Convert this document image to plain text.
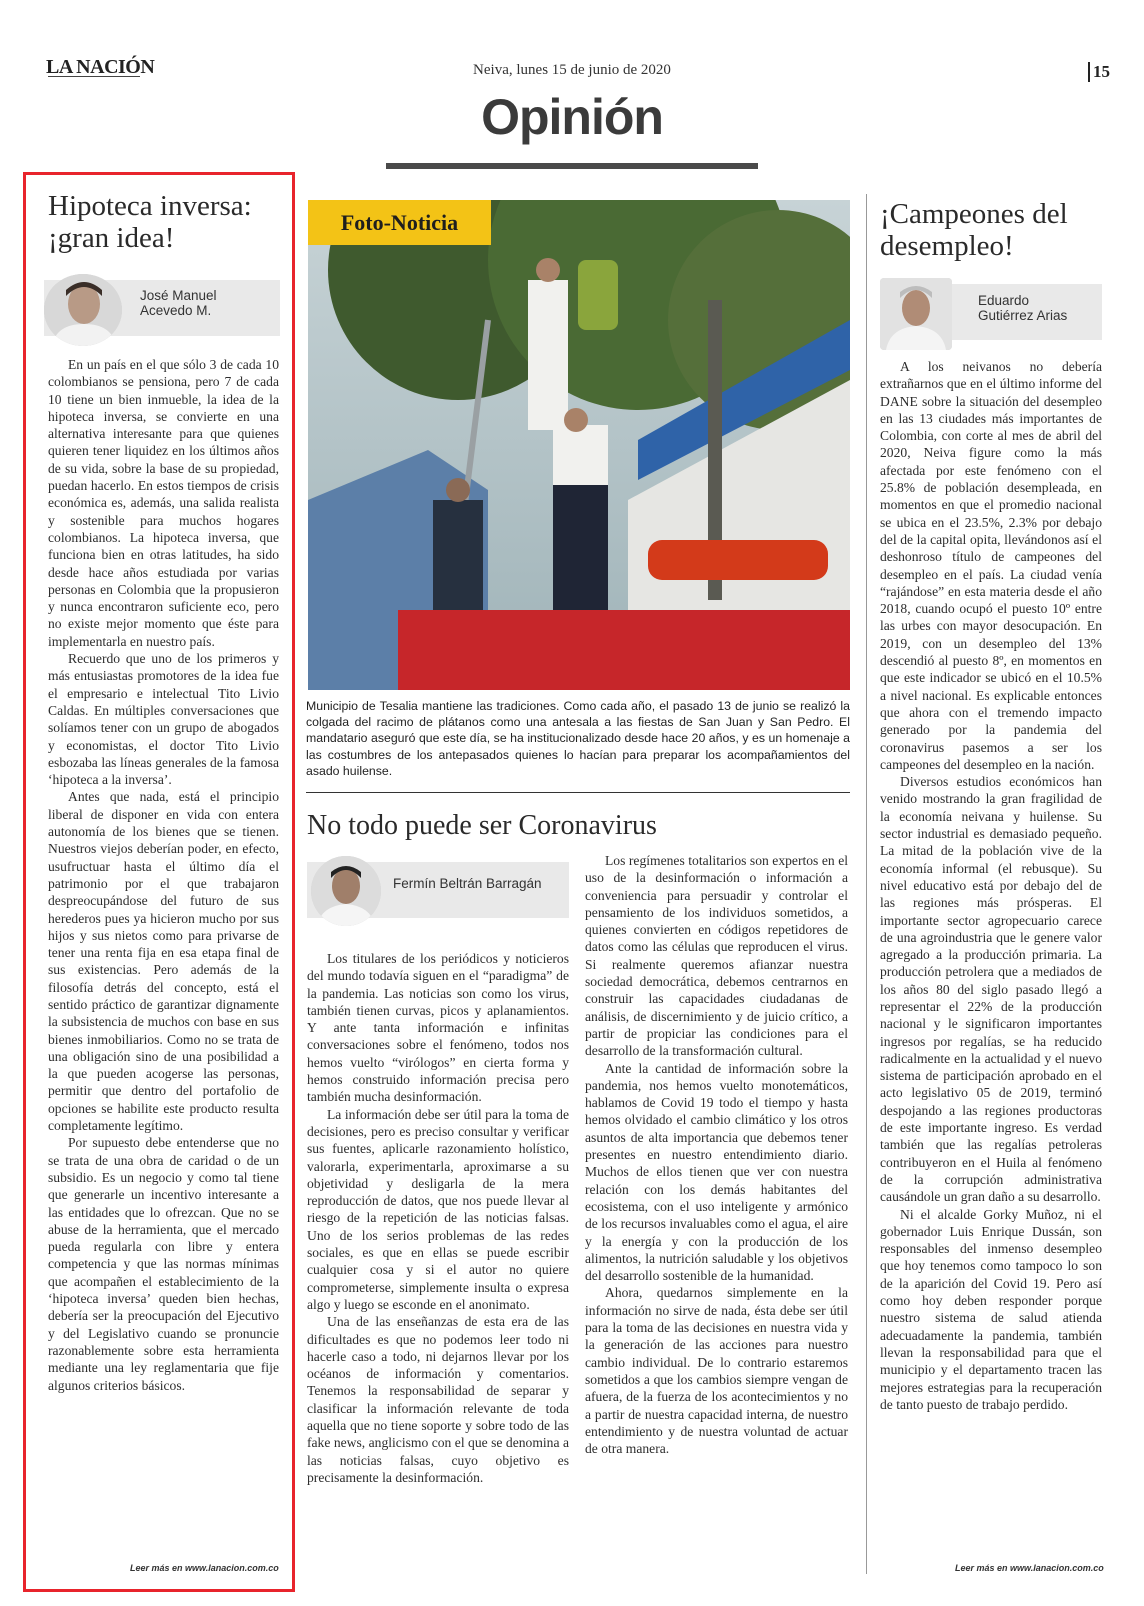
LA NACIÓN	Neiva, lunes 15 de junio de 2020	15
Opinión
Hipoteca inversa: ¡gran idea!
José Manuel Acevedo M.

En un país en el que sólo 3 de cada 10 colombianos se pensiona, pero 7 de cada 10 tiene un bien inmueble, la idea de la hipoteca inversa, se convierte en una alternativa interesante para que quienes quieren tener liquidez en los últimos años de su vida, sobre la base de su propiedad, puedan hacerlo. En estos tiempos de crisis económica es, además, una salida realista y sostenible para muchos hogares colombianos. La hipoteca inversa, que funciona bien en otras latitudes, ha sido desde hace años estudiada por varias personas en Colombia que la propusieron y nunca encontraron suficiente eco, pero no existe mejor momento que éste para implementarla en nuestro país.

Recuerdo que uno de los primeros y más entusiastas promotores de la idea fue el empresario e intelectual Tito Livio Caldas. En múltiples conversaciones que solíamos tener con un grupo de abogados y economistas, el doctor Tito Livio esbozaba las líneas generales de la famosa ‘hipoteca a la inversa’.

Antes que nada, está el principio liberal de disponer en vida con entera autonomía de los bienes que se tienen. Nuestros viejos deberían poder, en efecto, usufructuar hasta el último día el patrimonio por el que trabajaron despreocupándose del futuro de sus herederos pues ya hicieron mucho por sus hijos y sus nietos como para privarse de tener una renta fija en esa etapa final de sus existencias. Pero además de la filosofía detrás del concepto, está el sentido práctico de garantizar dignamente la subsistencia de muchos con base en sus bienes inmobiliarios. Como no se trata de una obligación sino de una posibilidad a la que pueden acogerse las personas, permitir que dentro del portafolio de opciones se habilite este producto resulta completamente legítimo.

Por supuesto debe entenderse que no se trata de una obra de caridad o de un subsidio. Es un negocio y como tal tiene que generarle un incentivo interesante a las entidades que lo ofrezcan. Que no se abuse de la herramienta, que el mercado pueda regularla con libre y entera competencia y que las normas mínimas que acompañen el establecimiento de la ‘hipoteca inversa’ queden bien hechas, debería ser la preocupación del Ejecutivo y del Legislativo cuando se pronuncie razonablemente sobre esta herramienta mediante una ley reglamentaria que fije algunos criterios básicos.

Leer más en www.lanacion.com.co
Foto-Noticia
Municipio de Tesalia mantiene las tradiciones. Como cada año, el pasado 13 de junio se realizó la colgada del racimo de plátanos como una antesala a las fiestas de San Juan y San Pedro. El mandatario aseguró que este día, se ha institucionalizado desde hace 20 años, y es un homenaje a las costumbres de los antepasados quienes lo hacían para preparar los acompañamientos del asado huilense.
No todo puede ser Coronavirus
Fermín Beltrán Barragán

Los titulares de los periódicos y noticieros del mundo todavía siguen en el “paradigma” de la pandemia. Las noticias son como los virus, también tienen curvas, picos y aplanamientos. Y ante tanta información e infinitas conversaciones sobre el fenómeno, todos nos hemos vuelto “virólogos” en cierta forma y hemos construido información precisa pero también mucha desinformación.

La información debe ser útil para la toma de decisiones, pero es preciso consultar y verificar sus fuentes, aplicarle razonamiento holístico, valorarla, experimentarla, aproximarse a su objetividad y desligarla de la mera reproducción de datos, que nos puede llevar al riesgo de la repetición de las noticias falsas. Uno de los serios problemas de las redes sociales, es que en ellas se puede escribir cualquier cosa y si el autor no quiere comprometerse, simplemente insulta o expresa algo y luego se esconde en el anonimato.

Una de las enseñanzas de esta era de las dificultades es que no podemos leer todo ni hacerle caso a todo, ni dejarnos llevar por los océanos de información y comentarios. Tenemos la responsabilidad de separar y clasificar la información relevante de toda aquella que no tiene soporte y sobre todo de las fake news, anglicismo con el que se denomina a las noticias falsas, cuyo objetivo es precisamente la desinformación.

Los regímenes totalitarios son expertos en el uso de la desinformación o información a conveniencia para persuadir y controlar el pensamiento de los individuos sometidos, a quienes convierten en códigos repetidores de datos como las células que reproducen el virus. Si realmente queremos afianzar nuestra sociedad democrática, debemos centrarnos en construir las capacidades ciudadanas de análisis, de discernimiento y de juicio crítico, a partir de propiciar las condiciones para el desarrollo de la transformación cultural.

Ante la cantidad de información sobre la pandemia, nos hemos vuelto monotemáticos, hablamos de Covid 19 todo el tiempo y hasta hemos olvidado el cambio climático y los otros asuntos de alta importancia que debemos tener presentes en nuestro entendimiento diario. Muchos de ellos tienen que ver con nuestra relación con los demás habitantes del ecosistema, con el uso inteligente y armónico de los recursos invaluables como el agua, el aire y la energía y con la producción de los alimentos, la nutrición saludable y los objetivos del desarrollo sostenible de la humanidad.

Ahora, quedarnos simplemente en la información no sirve de nada, ésta debe ser útil para la toma de las decisiones en nuestra vida y la generación de las acciones para nuestro cambio individual. De lo contrario estaremos sometidos a que los cambios siempre vengan de afuera, de la fuerza de los acontecimientos y no a partir de nuestra capacidad interna, de nuestro entendimiento y de nuestra voluntad de actuar de otra manera.

¡Campeones del desempleo!
Eduardo Gutiérrez Arias

A los neivanos no debería extrañarnos que en el último informe del DANE sobre la situación del desempleo en las 13 ciudades más importantes de Colombia, con corte al mes de abril del 2020, Neiva figure como la más afectada por este fenómeno con el 25.8% de población desempleada, en momentos en que el promedio nacional se ubica en el 23.5%, 2.3% por debajo del de la capital opita, llevándonos así el deshonroso título de campeones del desempleo en el país. La ciudad venía “rajándose” en esta materia desde el año 2018, cuando ocupó el puesto 10º entre las urbes con mayor desocupación. En 2019, con un desempleo del 13% descendió al puesto 8º, en momentos en que este indicador se ubicó en el 10.5% a nivel nacional. Es explicable entonces que ahora con el tremendo impacto generado por la pandemia del coronavirus pasemos a ser los campeones del desempleo en la nación.

Diversos estudios económicos han venido mostrando la gran fragilidad de la economía neivana y huilense. Su sector industrial es demasiado pequeño. La mitad de la población vive de la economía informal (el rebusque). Su nivel educativo está por debajo del de las regiones más prósperas. El importante sector agropecuario carece de una agroindustria que le genere valor agregado a la producción primaria. La producción petrolera que a mediados de los años 80 del siglo pasado llegó a representar el 22% de la producción nacional y le significaron importantes ingresos por regalías, se ha reducido radicalmente en la actualidad y el nuevo sistema de participación aprobado en el acto legislativo 05 de 2019, terminó despojando a las regiones productoras de este importante ingreso. Es verdad también que las regalías petroleras contribuyeron en el Huila al fenómeno de la corrupción administrativa causándole un gran daño a su desarrollo.

Ni el alcalde Gorky Muñoz, ni el gobernador Luis Enrique Dussán, son responsables del inmenso desempleo que hoy tenemos como tampoco lo son de la aparición del Covid 19. Pero así como hoy deben responder porque nuestro sistema de salud atienda adecuadamente la pandemia, también llevan la responsabilidad para que el municipio y el departamento tracen las mejores estrategias para la recuperación de tanto puesto de trabajo perdido.

Leer más en www.lanacion.com.co
